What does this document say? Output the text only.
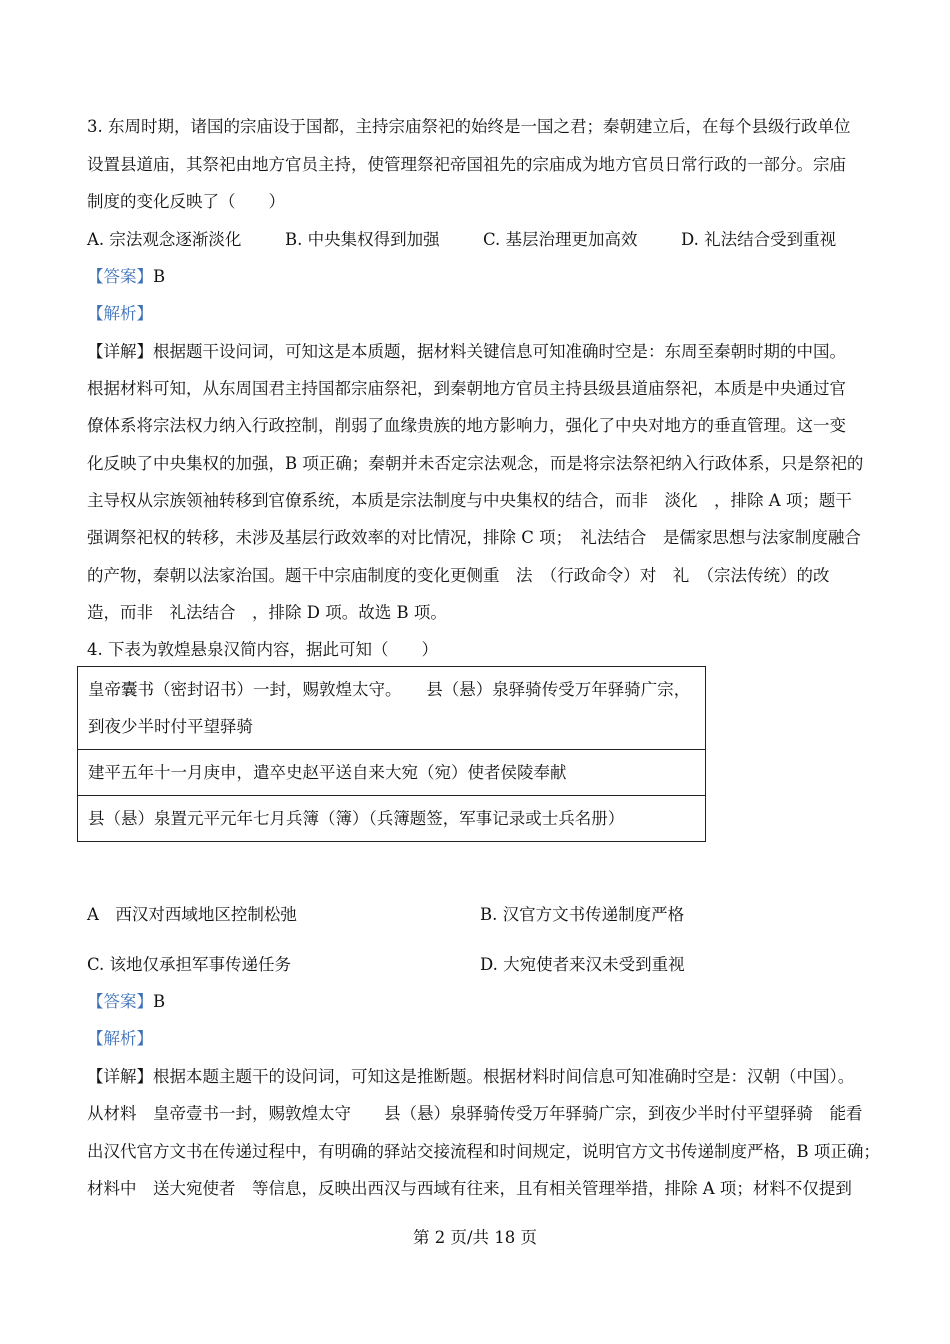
3. 东周时期，诸国的宗庙设于国都，主持宗庙祭祀的始终是一国之君；秦朝建立后，在每个县级行政单位
设置县道庙，其祭祀由地方官员主持，使管理祭祀帝国祖先的宗庙成为地方官员日常行政的一部分。宗庙
制度的变化反映了（　　）
A. 宗法观念逐渐淡化	B. 中央集权得到加强	C. 基层治理更加高效	D. 礼法结合受到重视
【答案】B
【解析】
【详解】根据题干设问词，可知这是本质题，据材料关键信息可知准确时空是：东周至秦朝时期的中国。
根据材料可知，从东周国君主持国都宗庙祭祀，到秦朝地方官员主持县级县道庙祭祀，本质是中央通过官
僚体系将宗法权力纳入行政控制，削弱了血缘贵族的地方影响力，强化了中央对地方的垂直管理。这一变
化反映了中央集权的加强，B 项正确；秦朝并未否定宗法观念，而是将宗法祭祀纳入行政体系，只是祭祀的
主导权从宗族领袖转移到官僚系统，本质是宗法制度与中央集权的结合，而非　淡化　，排除 A 项；题干
强调祭祀权的转移，未涉及基层行政效率的对比情况，排除 C 项；　礼法结合　是儒家思想与法家制度融合
的产物，秦朝以法家治国。题干中宗庙制度的变化更侧重　法　（行政命令）对　礼　（宗法传统）的改
造，而非　礼法结合　，排除 D 项。故选 B 项。
4. 下表为敦煌悬泉汉简内容，据此可知（　　）
皇帝囊书（密封诏书）一封，赐敦煌太守。　　县（悬）泉驿骑传受万年驿骑广宗，
到夜少半时付平望驿骑

建平五年十一月庚申，遣卒史赵平送自来大宛（宛）使者侯陵奉献
县（悬）泉置元平元年七月兵簿（簿）（兵簿题签，军事记录或士兵名册）
A　西汉对西域地区控制松弛	B. 汉官方文书传递制度严格
C. 该地仅承担军事传递任务	D. 大宛使者来汉未受到重视
【答案】B
【解析】
【详解】根据本题主题干的设问词，可知这是推断题。根据材料时间信息可知准确时空是：汉朝（中国）。
从材料　皇帝壹书一封，赐敦煌太守　　县（悬）泉驿骑传受万年驿骑广宗，到夜少半时付平望驿骑　能看
出汉代官方文书在传递过程中，有明确的驿站交接流程和时间规定，说明官方文书传递制度严格，B 项正确；
材料中　送大宛使者　等信息，反映出西汉与西域有往来，且有相关管理举措，排除 A 项；材料不仅提到
第 2 页/共 18 页
